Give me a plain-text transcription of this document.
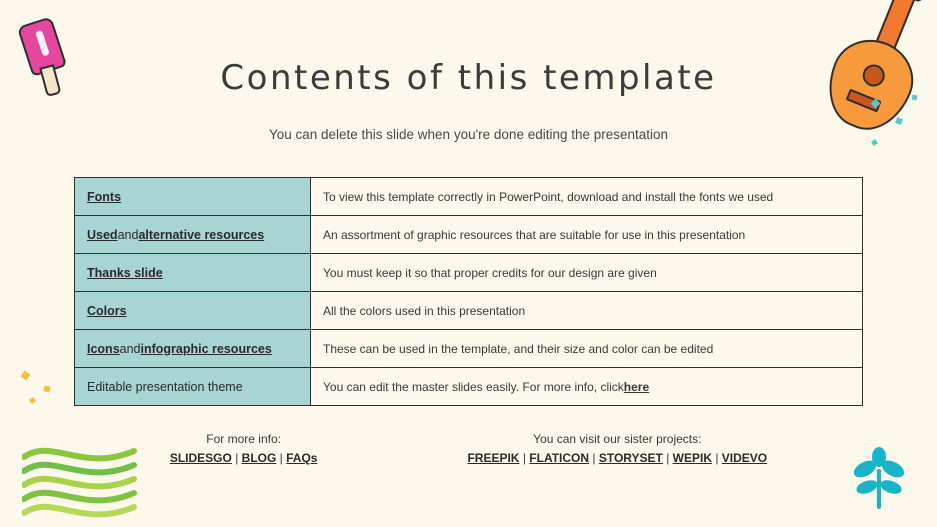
Contents of this template
You can delete this slide when you're done editing the presentation
Fonts	To view this template correctly in PowerPoint, download and install the fonts we used
Used and alternative resources	An assortment of graphic resources that are suitable for use in this presentation
Thanks slide	You must keep it so that proper credits for our design are given
Colors	All the colors used in this presentation
Icons and infographic resources	These can be used in the template, and their size and color can be edited
Editable presentation theme	You can edit the master slides easily. For more info, click here
For more info:
SLIDESGO | BLOG | FAQs
You can visit our sister projects:
FREEPIK | FLATICON | STORYSET | WEPIK | VIDEVO
